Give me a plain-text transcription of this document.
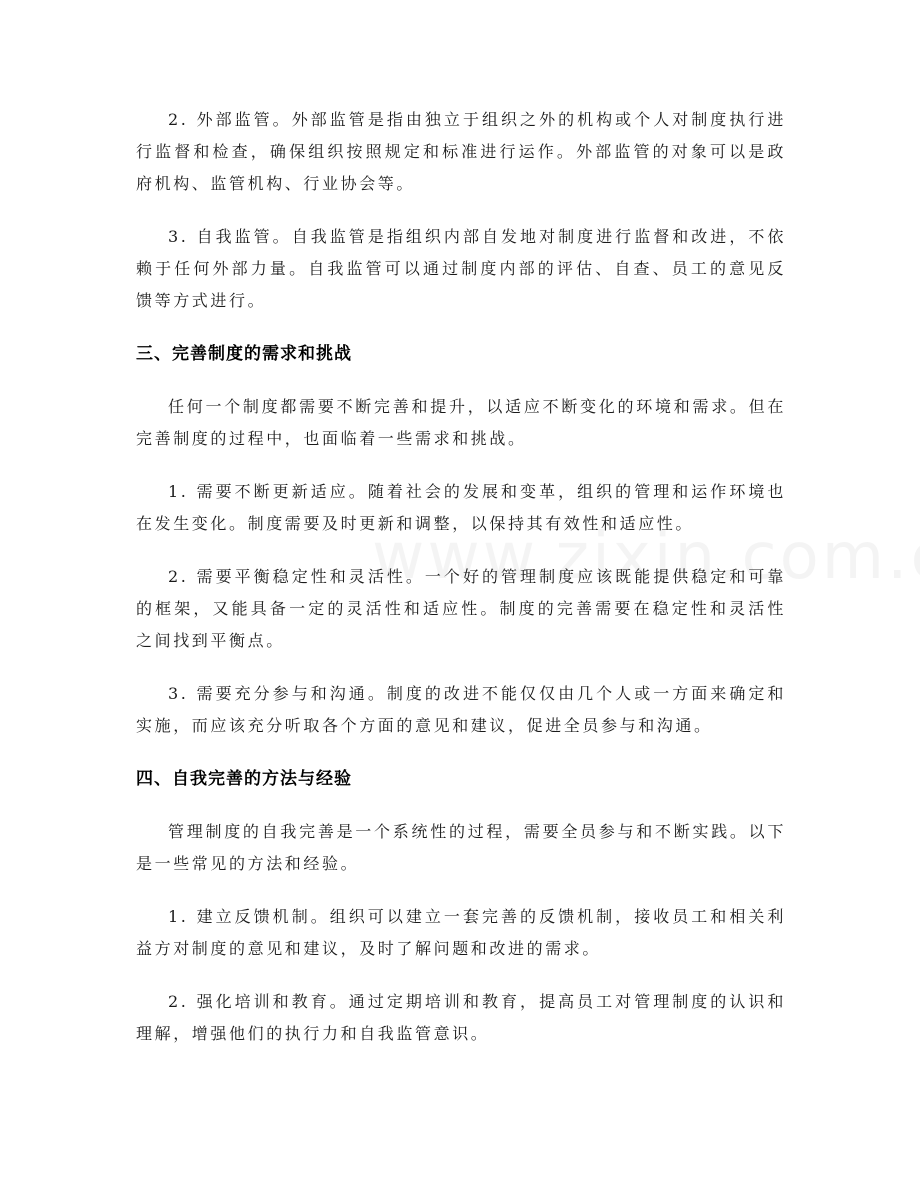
2. 外部监管。外部监管是指由独立于组织之外的机构或个人对制度执行进行监督和检查，确保组织按照规定和标准进行运作。外部监管的对象可以是政府机构、监管机构、行业协会等。

3. 自我监管。自我监管是指组织内部自发地对制度进行监督和改进，不依赖于任何外部力量。自我监管可以通过制度内部的评估、自查、员工的意见反馈等方式进行。

三、完善制度的需求和挑战

任何一个制度都需要不断完善和提升，以适应不断变化的环境和需求。但在完善制度的过程中，也面临着一些需求和挑战。

1. 需要不断更新适应。随着社会的发展和变革，组织的管理和运作环境也在发生变化。制度需要及时更新和调整，以保持其有效性和适应性。

2. 需要平衡稳定性和灵活性。一个好的管理制度应该既能提供稳定和可靠的框架，又能具备一定的灵活性和适应性。制度的完善需要在稳定性和灵活性之间找到平衡点。

3. 需要充分参与和沟通。制度的改进不能仅仅由几个人或一方面来确定和实施，而应该充分听取各个方面的意见和建议，促进全员参与和沟通。

四、自我完善的方法与经验

管理制度的自我完善是一个系统性的过程，需要全员参与和不断实践。以下是一些常见的方法和经验。

1. 建立反馈机制。组织可以建立一套完善的反馈机制，接收员工和相关利益方对制度的意见和建议，及时了解问题和改进的需求。

2. 强化培训和教育。通过定期培训和教育，提高员工对管理制度的认识和理解，增强他们的执行力和自我监管意识。
